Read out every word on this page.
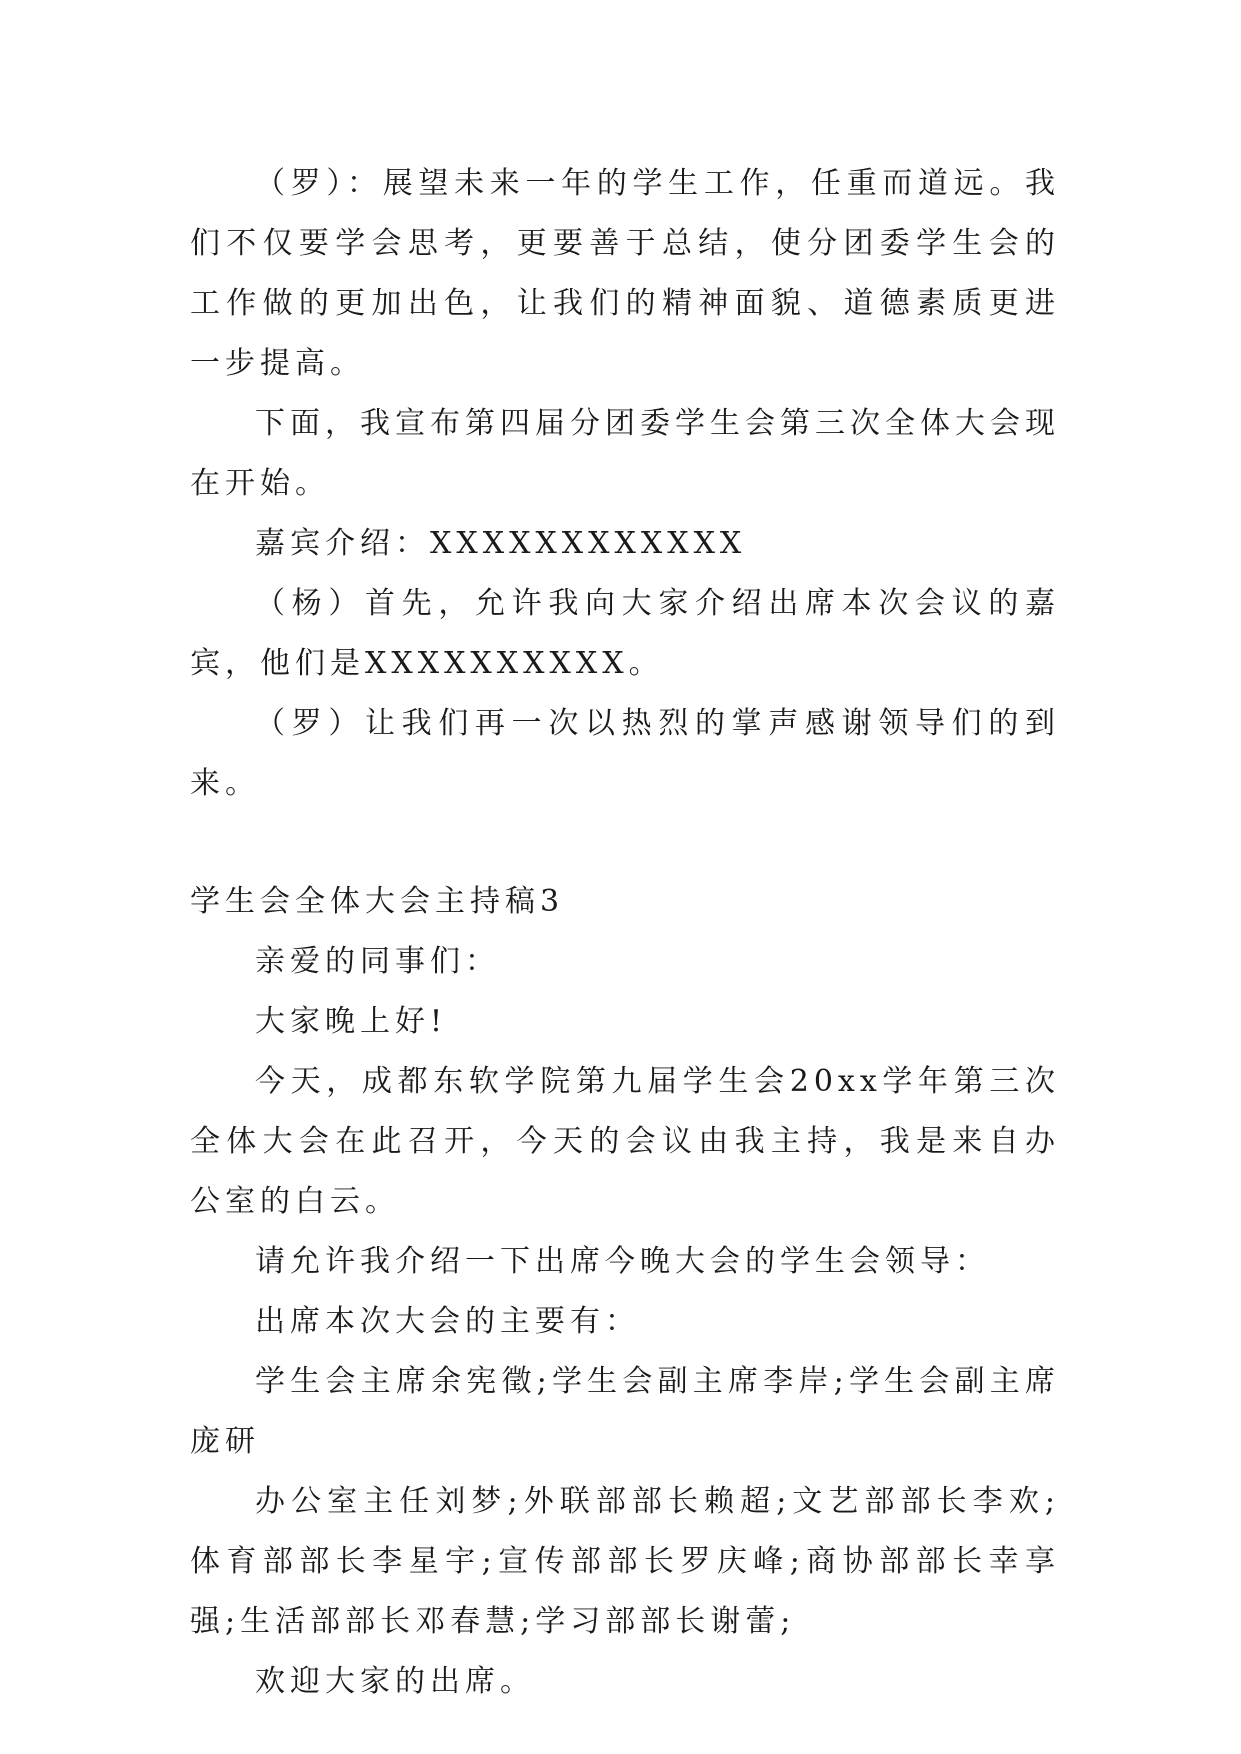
（罗）：展望未来一年的学生工作，任重而道远。我们不仅要学会思考，更要善于总结，使分团委学生会的工作做的更加出色，让我们的精神面貌、道德素质更进一步提高。

下面，我宣布第四届分团委学生会第三次全体大会现在开始。

嘉宾介绍：XXXXXXXXXXXX

（杨）首先，允许我向大家介绍出席本次会议的嘉宾，他们是XXXXXXXXXX。

（罗）让我们再一次以热烈的掌声感谢领导们的到来。

学生会全体大会主持稿3

亲爱的同事们：

大家晚上好!

今天，成都东软学院第九届学生会20xx学年第三次全体大会在此召开，今天的会议由我主持，我是来自办公室的白云。

请允许我介绍一下出席今晚大会的学生会领导：

出席本次大会的主要有：

学生会主席余宪徵;学生会副主席李岸;学生会副主席庞研

办公室主任刘梦;外联部部长赖超;文艺部部长李欢;体育部部长李星宇;宣传部部长罗庆峰;商协部部长幸享强;生活部部长邓春慧;学习部部长谢蕾;

欢迎大家的出席。
